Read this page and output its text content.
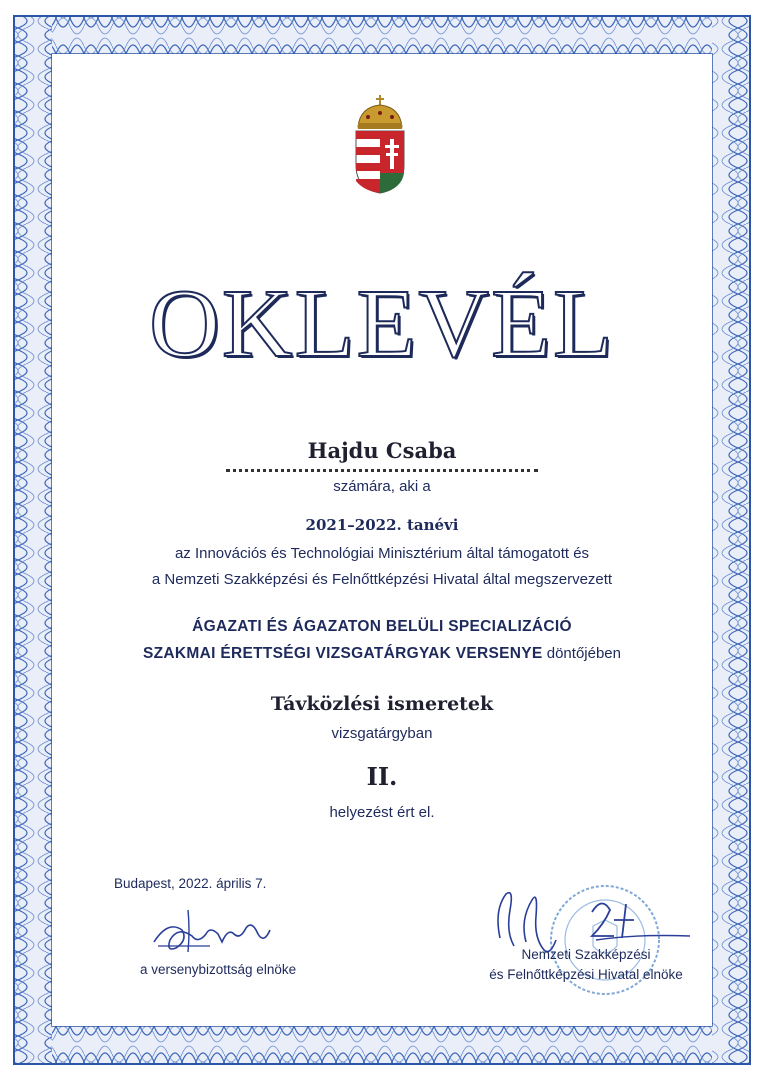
OKLEVÉL
Hajdu Csaba
számára, aki a
2021–2022. tanévi
az Innovációs és Technológiai Minisztérium által támogatott és
a Nemzeti Szakképzési és Felnőttképzési Hivatal által megszervezett
ÁGAZATI ÉS ÁGAZATON BELÜLI SPECIALIZÁCIÓ
SZAKMAI ÉRETTSÉGI VIZSGATÁRGYAK VERSENYE döntőjében
Távközlési ismeretek
vizsgatárgyban
II.
helyezést ért el.
Budapest, 2022. április 7.
a versenybizottság elnöke
Nemzeti Szakképzési
és Felnőttképzési Hivatal elnöke
